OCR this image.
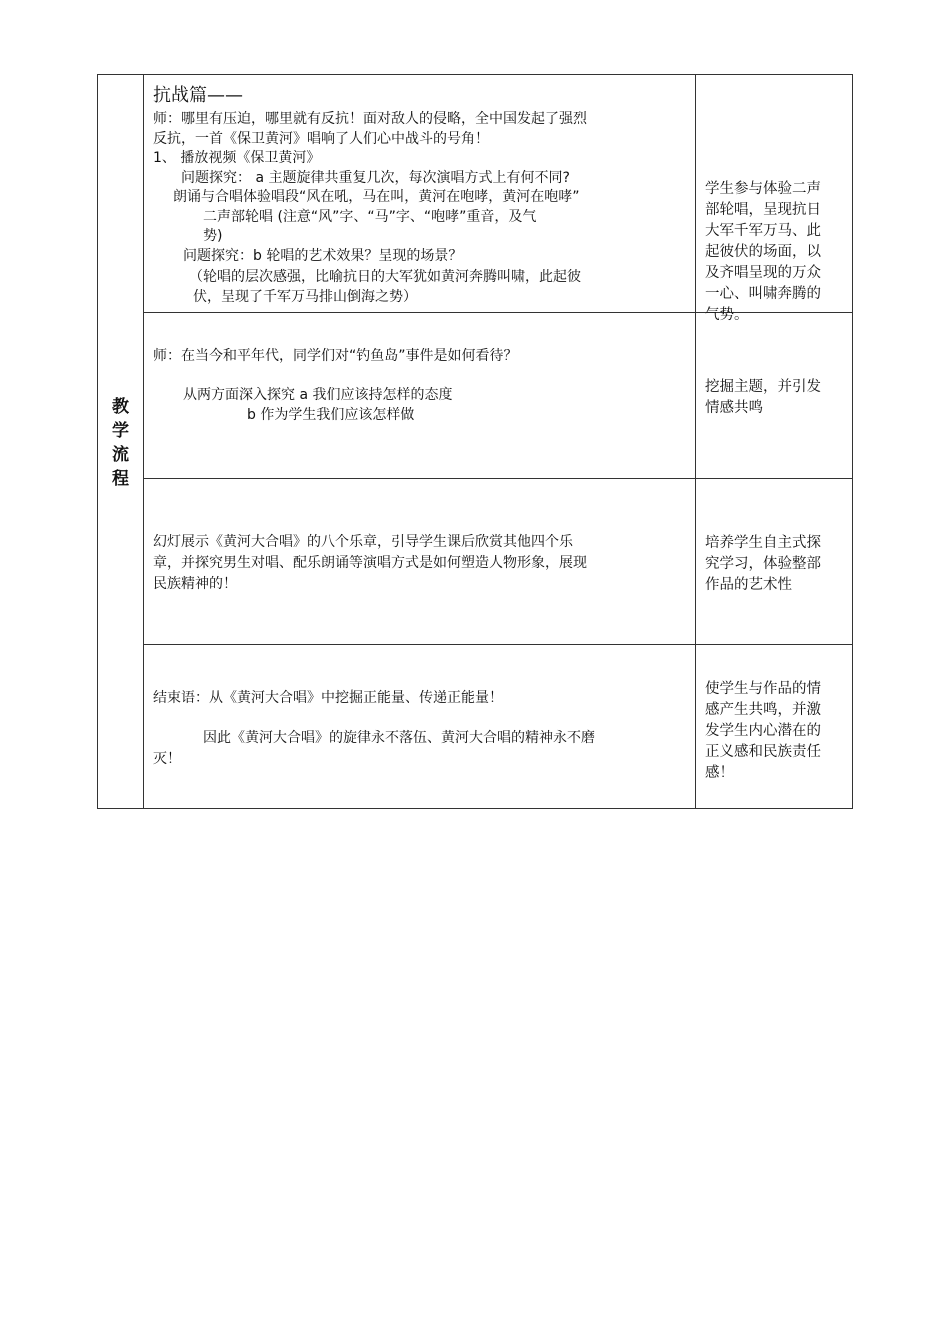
教
学
流
程
抗战篇——
师：哪里有压迫，哪里就有反抗！面对敌人的侵略，全中国发起了强烈
反抗，一首《保卫黄河》唱响了人们心中战斗的号角！
1、 播放视频《保卫黄河》
问题探究： a 主题旋律共重复几次，每次演唱方式上有何不同?
朗诵与合唱体验唱段“风在吼，马在叫，黄河在咆哮，黄河在咆哮”
二声部轮唱 (注意“风”字、“马”字、“咆哮”重音，及气
势)
问题探究：b 轮唱的艺术效果？呈现的场景？
（轮唱的层次感强，比喻抗日的大军犹如黄河奔腾叫啸，此起彼
伏，呈现了千军万马排山倒海之势）
学生参与体验二声
部轮唱，呈现抗日
大军千军万马、此
起彼伏的场面，以
及齐唱呈现的万众
一心、叫啸奔腾的
气势。
师：在当今和平年代，同学们对“钓鱼岛”事件是如何看待？
从两方面深入探究 a 我们应该持怎样的态度
b 作为学生我们应该怎样做
挖掘主题，并引发
情感共鸣
幻灯展示《黄河大合唱》的八个乐章，引导学生课后欣赏其他四个乐
章，并探究男生对唱、配乐朗诵等演唱方式是如何塑造人物形象，展现
民族精神的！
培养学生自主式探
究学习，体验整部
作品的艺术性
结束语：从《黄河大合唱》中挖掘正能量、传递正能量！
因此《黄河大合唱》的旋律永不落伍、黄河大合唱的精神永不磨
灭！
使学生与作品的情
感产生共鸣，并激
发学生内心潜在的
正义感和民族责任
感！
